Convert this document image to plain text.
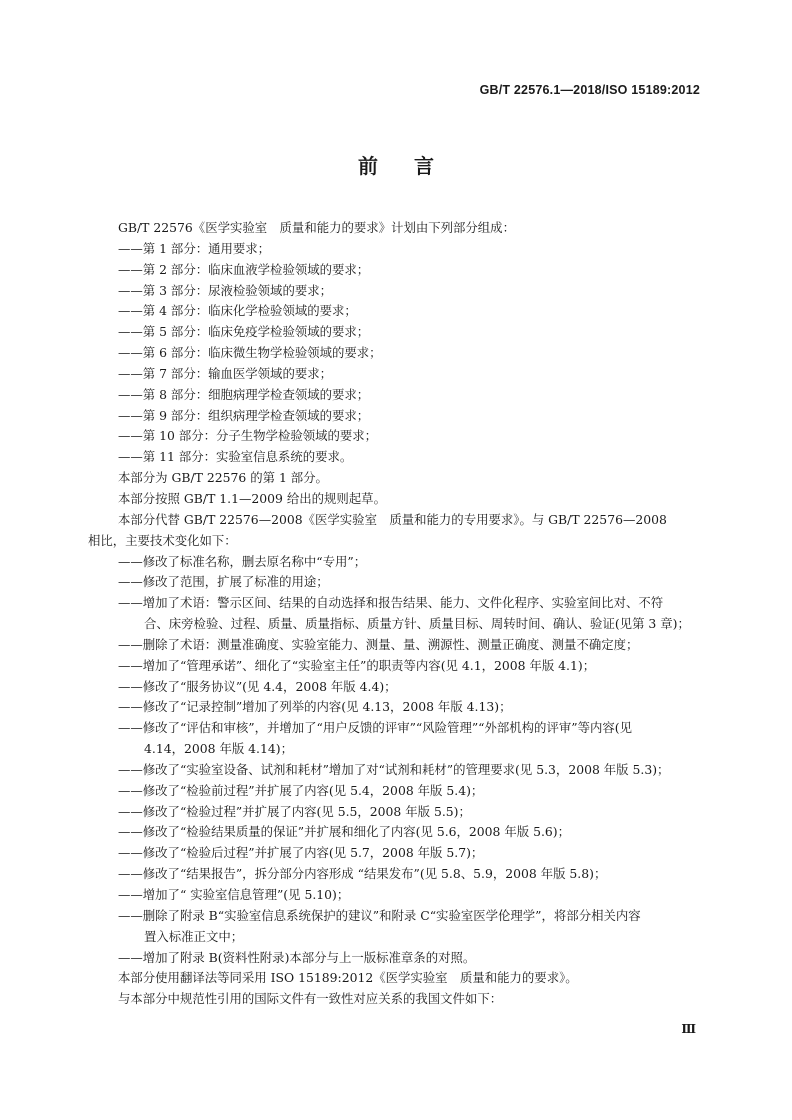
GB/T 22576.1—2018/ISO 15189:2012
前言
GB/T 22576《医学实验室　质量和能力的要求》计划由下列部分组成：
——第 1 部分：通用要求；
——第 2 部分：临床血液学检验领域的要求；
——第 3 部分：尿液检验领域的要求；
——第 4 部分：临床化学检验领域的要求；
——第 5 部分：临床免疫学检验领域的要求；
——第 6 部分：临床微生物学检验领域的要求；
——第 7 部分：输血医学领域的要求；
——第 8 部分：细胞病理学检查领域的要求；
——第 9 部分：组织病理学检查领域的要求；
——第 10 部分：分子生物学检验领域的要求；
——第 11 部分：实验室信息系统的要求。
本部分为 GB/T 22576 的第 1 部分。
本部分按照 GB/T 1.1—2009 给出的规则起草。
本部分代替 GB/T 22576—2008《医学实验室　质量和能力的专用要求》。与 GB/T 22576—2008
相比，主要技术变化如下：
——修改了标准名称，删去原名称中“专用”；
——修改了范围，扩展了标准的用途；
——增加了术语：警示区间、结果的自动选择和报告结果、能力、文件化程序、实验室间比对、不符
合、床旁检验、过程、质量、质量指标、质量方针、质量目标、周转时间、确认、验证(见第 3 章)；
——删除了术语：测量准确度、实验室能力、测量、量、溯源性、测量正确度、测量不确定度；
——增加了“管理承诺”、细化了“实验室主任”的职责等内容(见 4.1，2008 年版 4.1)；
——修改了“服务协议”(见 4.4，2008 年版 4.4)；
——修改了“记录控制”增加了列举的内容(见 4.13，2008 年版 4.13)；
——修改了“评估和审核”，并增加了“用户反馈的评审”“风险管理”“外部机构的评审”等内容(见
4.14，2008 年版 4.14)；
——修改了“实验室设备、试剂和耗材”增加了对“试剂和耗材”的管理要求(见 5.3，2008 年版 5.3)；
——修改了“检验前过程”并扩展了内容(见 5.4，2008 年版 5.4)；
——修改了“检验过程”并扩展了内容(见 5.5，2008 年版 5.5)；
——修改了“检验结果质量的保证”并扩展和细化了内容(见 5.6，2008 年版 5.6)；
——修改了“检验后过程”并扩展了内容(见 5.7，2008 年版 5.7)；
——修改了“结果报告”，拆分部分内容形成 “结果发布”(见 5.8、5.9，2008 年版 5.8)；
——增加了“ 实验室信息管理”(见 5.10)；
——删除了附录 B“实验室信息系统保护的建议”和附录 C“实验室医学伦理学”，将部分相关内容
置入标准正文中；
——增加了附录 B(资料性附录)本部分与上一版标准章条的对照。
本部分使用翻译法等同采用 ISO 15189:2012《医学实验室　质量和能力的要求》。
与本部分中规范性引用的国际文件有一致性对应关系的我国文件如下：
Ⅲ
